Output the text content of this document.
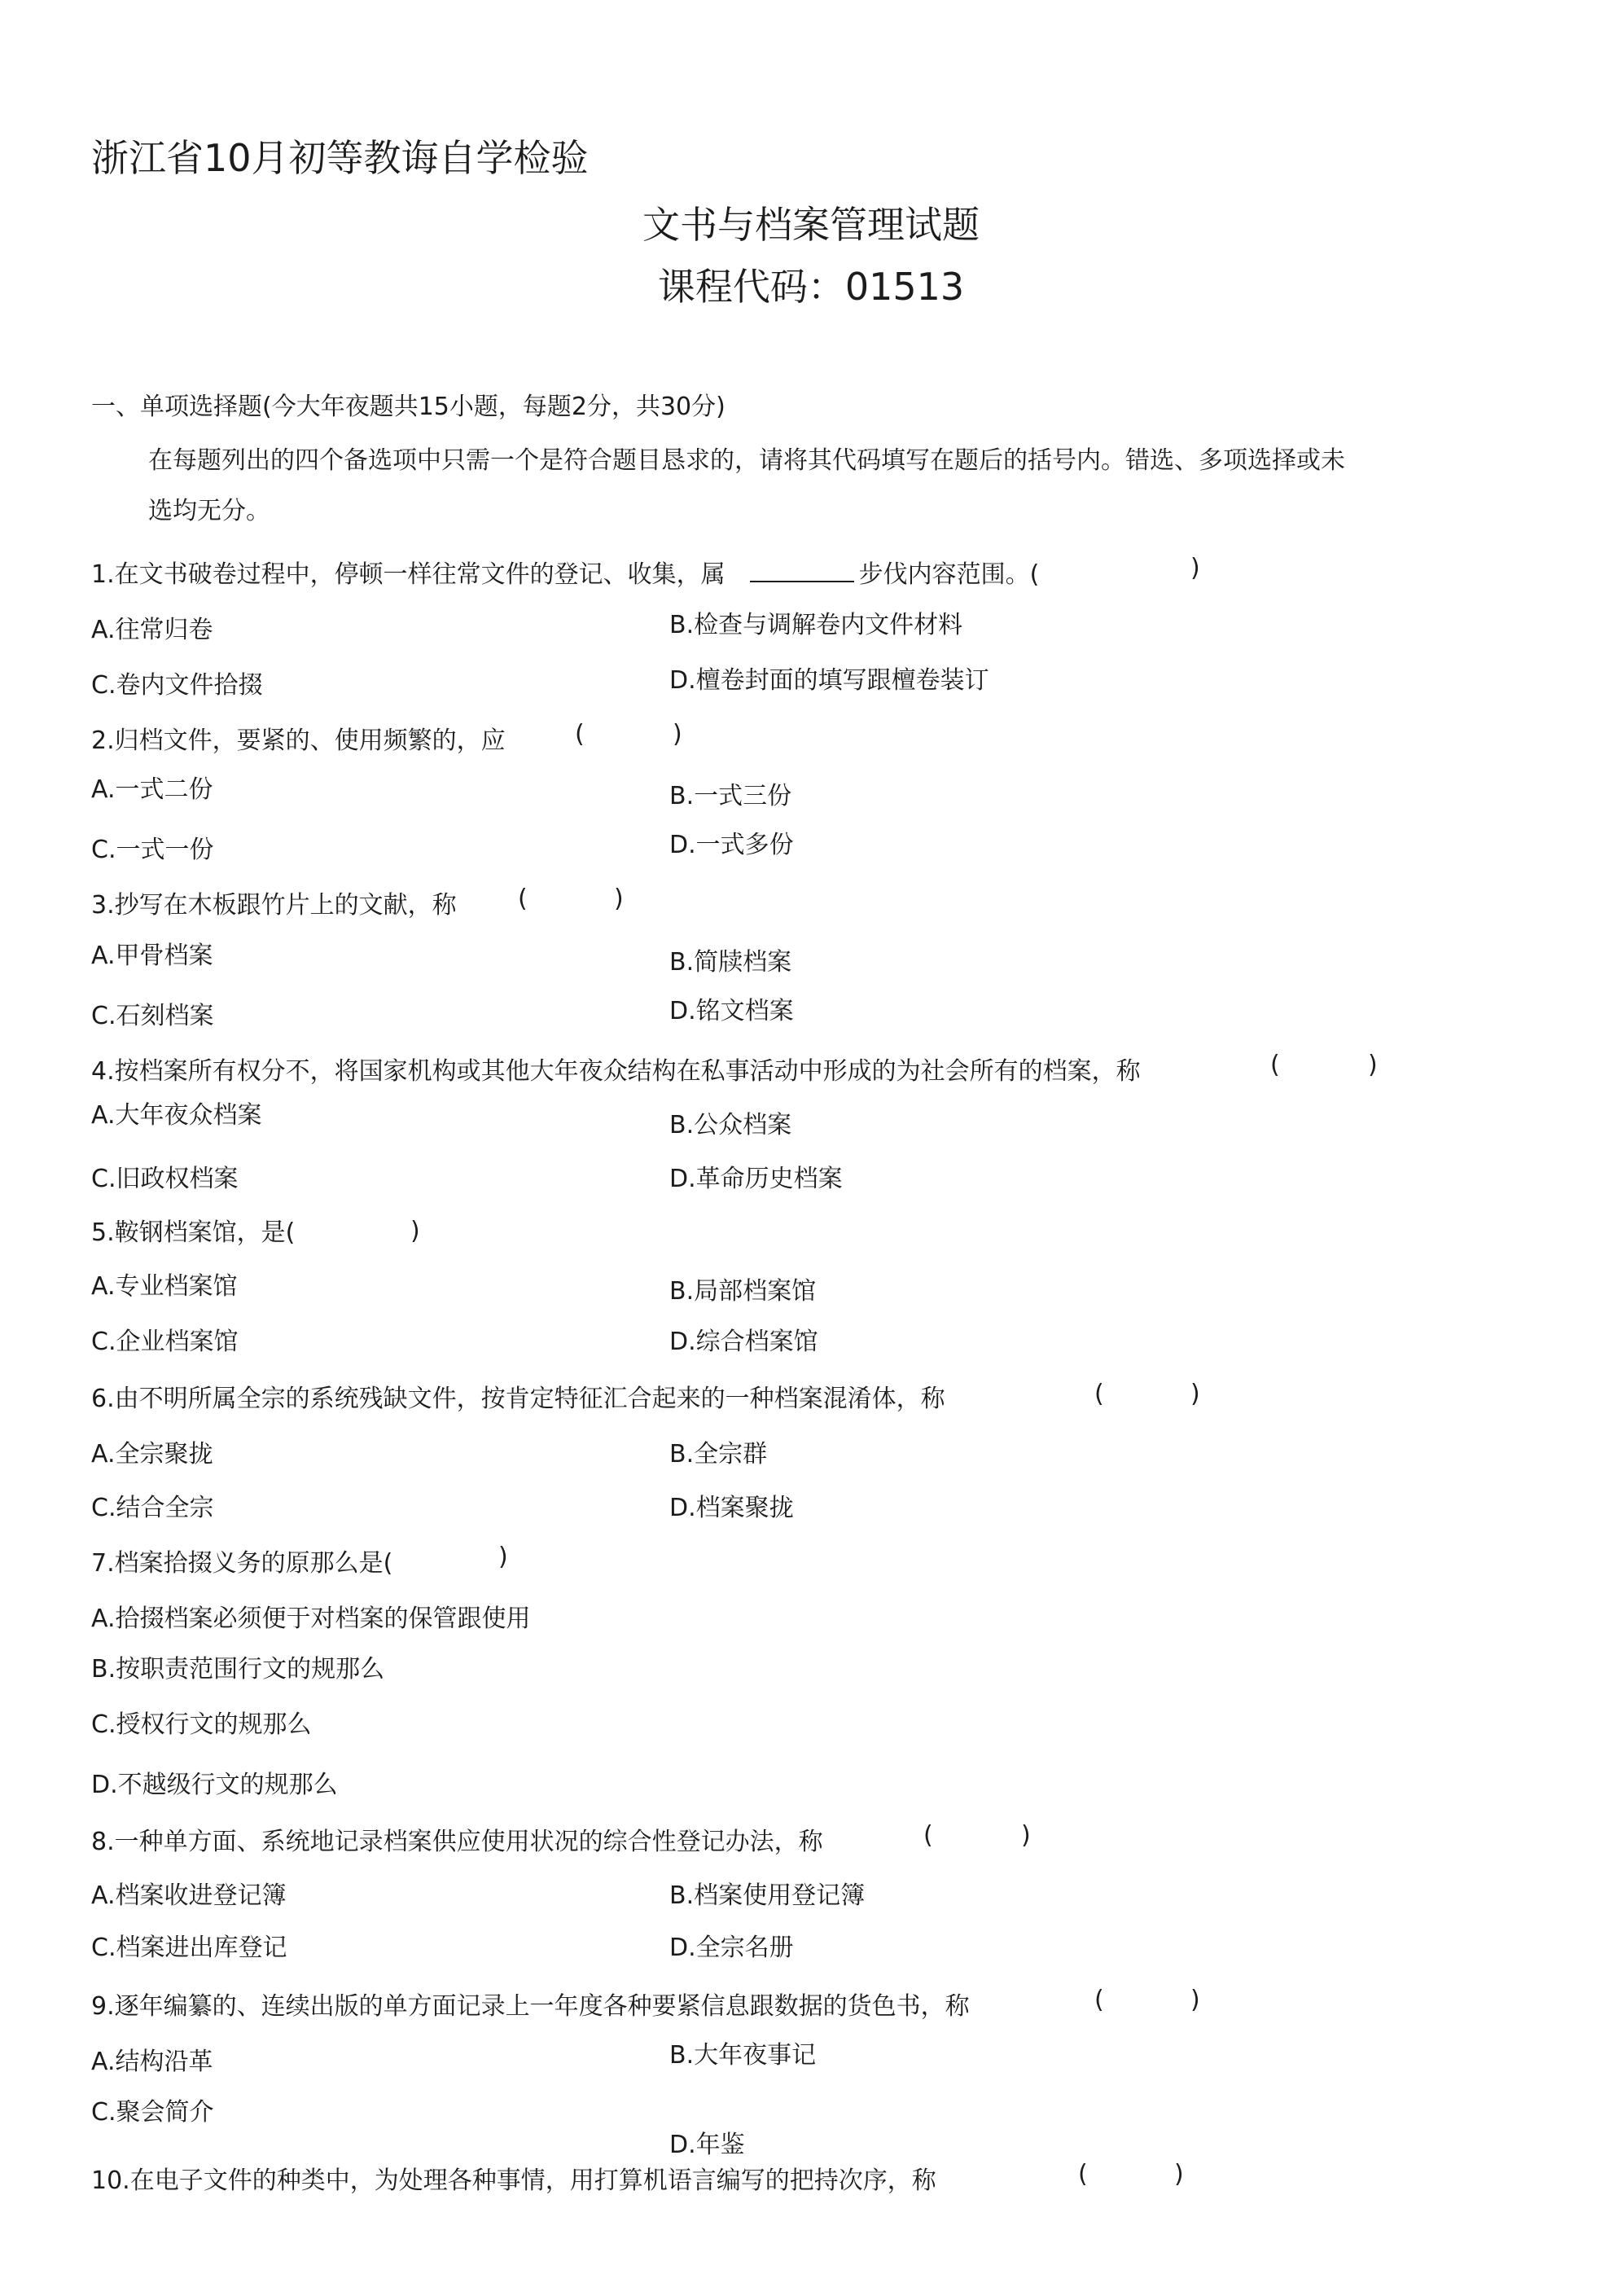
浙江省10月初等教诲自学检验
文书与档案管理试题
课程代码：01513
一、单项选择题(今大年夜题共15小题，每题2分，共30分)
在每题列出的四个备选项中只需一个是符合题目恳求的，请将其代码填写在题后的括号内。错选、多项选择或未
选均无分。
1.在文书破卷过程中，停顿一样往常文件的登记、收集，属	步伐内容范围。(	)
A.往常归卷	B.检查与调解卷内文件材料
C.卷内文件拾掇	D.檀卷封面的填写跟檀卷装订
2.归档文件，要紧的、使用频繁的，应	(	)
A.一式二份	B.一式三份
C.一式一份	D.一式多份
3.抄写在木板跟竹片上的文献，称	(	)
A.甲骨档案	B.简牍档案
C.石刻档案	D.铭文档案
4.按档案所有权分不，将国家机构或其他大年夜众结构在私事活动中形成的为社会所有的档案，称	(	)
A.大年夜众档案	B.公众档案
C.旧政权档案	D.革命历史档案
5.鞍钢档案馆，是(	)
A.专业档案馆	B.局部档案馆
C.企业档案馆	D.综合档案馆
6.由不明所属全宗的系统残缺文件，按肯定特征汇合起来的一种档案混淆体，称	(	)
A.全宗聚拢	B.全宗群
C.结合全宗	D.档案聚拢
7.档案拾掇义务的原那么是(	)
A.拾掇档案必须便于对档案的保管跟使用
B.按职责范围行文的规那么
C.授权行文的规那么
D.不越级行文的规那么
8.一种单方面、系统地记录档案供应使用状况的综合性登记办法，称	(	)
A.档案收进登记簿	B.档案使用登记簿
C.档案进出库登记	D.全宗名册
9.逐年编纂的、连续出版的单方面记录上一年度各种要紧信息跟数据的货色书，称	(	)
A.结构沿革	B.大年夜事记
C.聚会简介
D.年鉴
10.在电子文件的种类中，为处理各种事情，用打算机语言编写的把持次序，称	(	)
